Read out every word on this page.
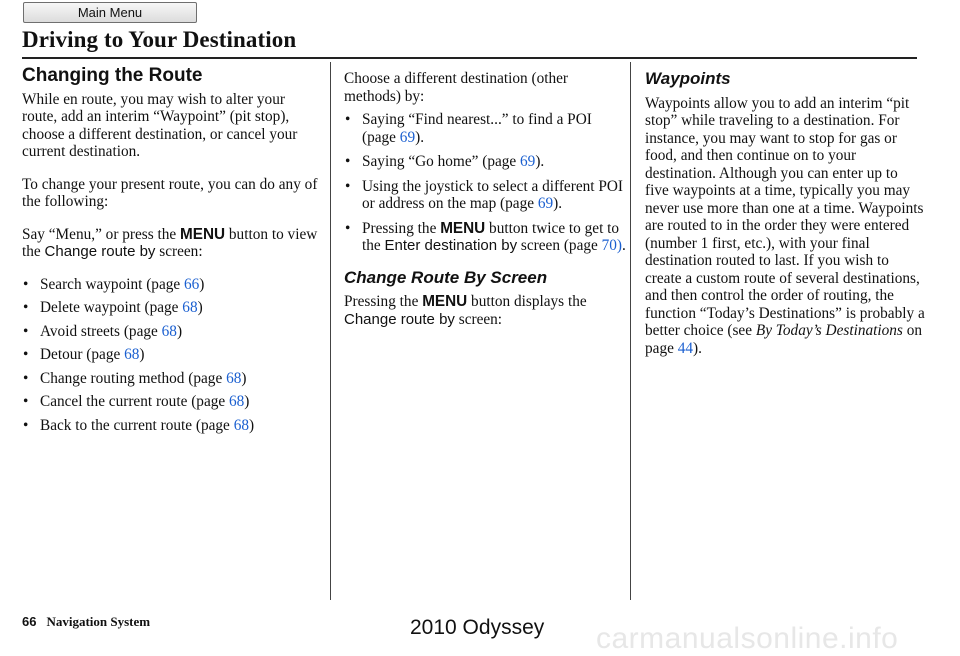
Main Menu
Driving to Your Destination
Changing the Route

While en route, you may wish to alter your route, add an interim “Waypoint” (pit stop), choose a different destination, or cancel your current destination.

To change your present route, you can do any of the following:

Say “Menu,” or press the MENU button to view the Change route by screen:

• Search waypoint (page 66)
• Delete waypoint (page 68)
• Avoid streets (page 68)
• Detour (page 68)
• Change routing method (page 68)
• Cancel the current route (page 68)
• Back to the current route (page 68)

Choose a different destination (other methods) by:

• Saying “Find nearest...” to find a POI (page 69).
• Saying “Go home” (page 69).
• Using the joystick to select a different POI or address on the map (page 69).
• Pressing the MENU button twice to get to the Enter destination by screen (page 70).
Change Route By Screen

Pressing the MENU button displays the Change route by screen:

Waypoints

Waypoints allow you to add an interim “pit stop” while traveling to a destination. For instance, you may want to stop for gas or food, and then continue on to your destination. Although you can enter up to five waypoints at a time, typically you may never use more than one at a time. Waypoints are routed to in the order they were entered (number 1 first, etc.), with your final destination routed to last. If you wish to create a custom route of several destinations, and then control the order of routing, the function “Today’s Destinations” is probably a better choice (see By Today’s Destinations on page 44).

66 Navigation System	2010 Odyssey carmanualsonline.info
